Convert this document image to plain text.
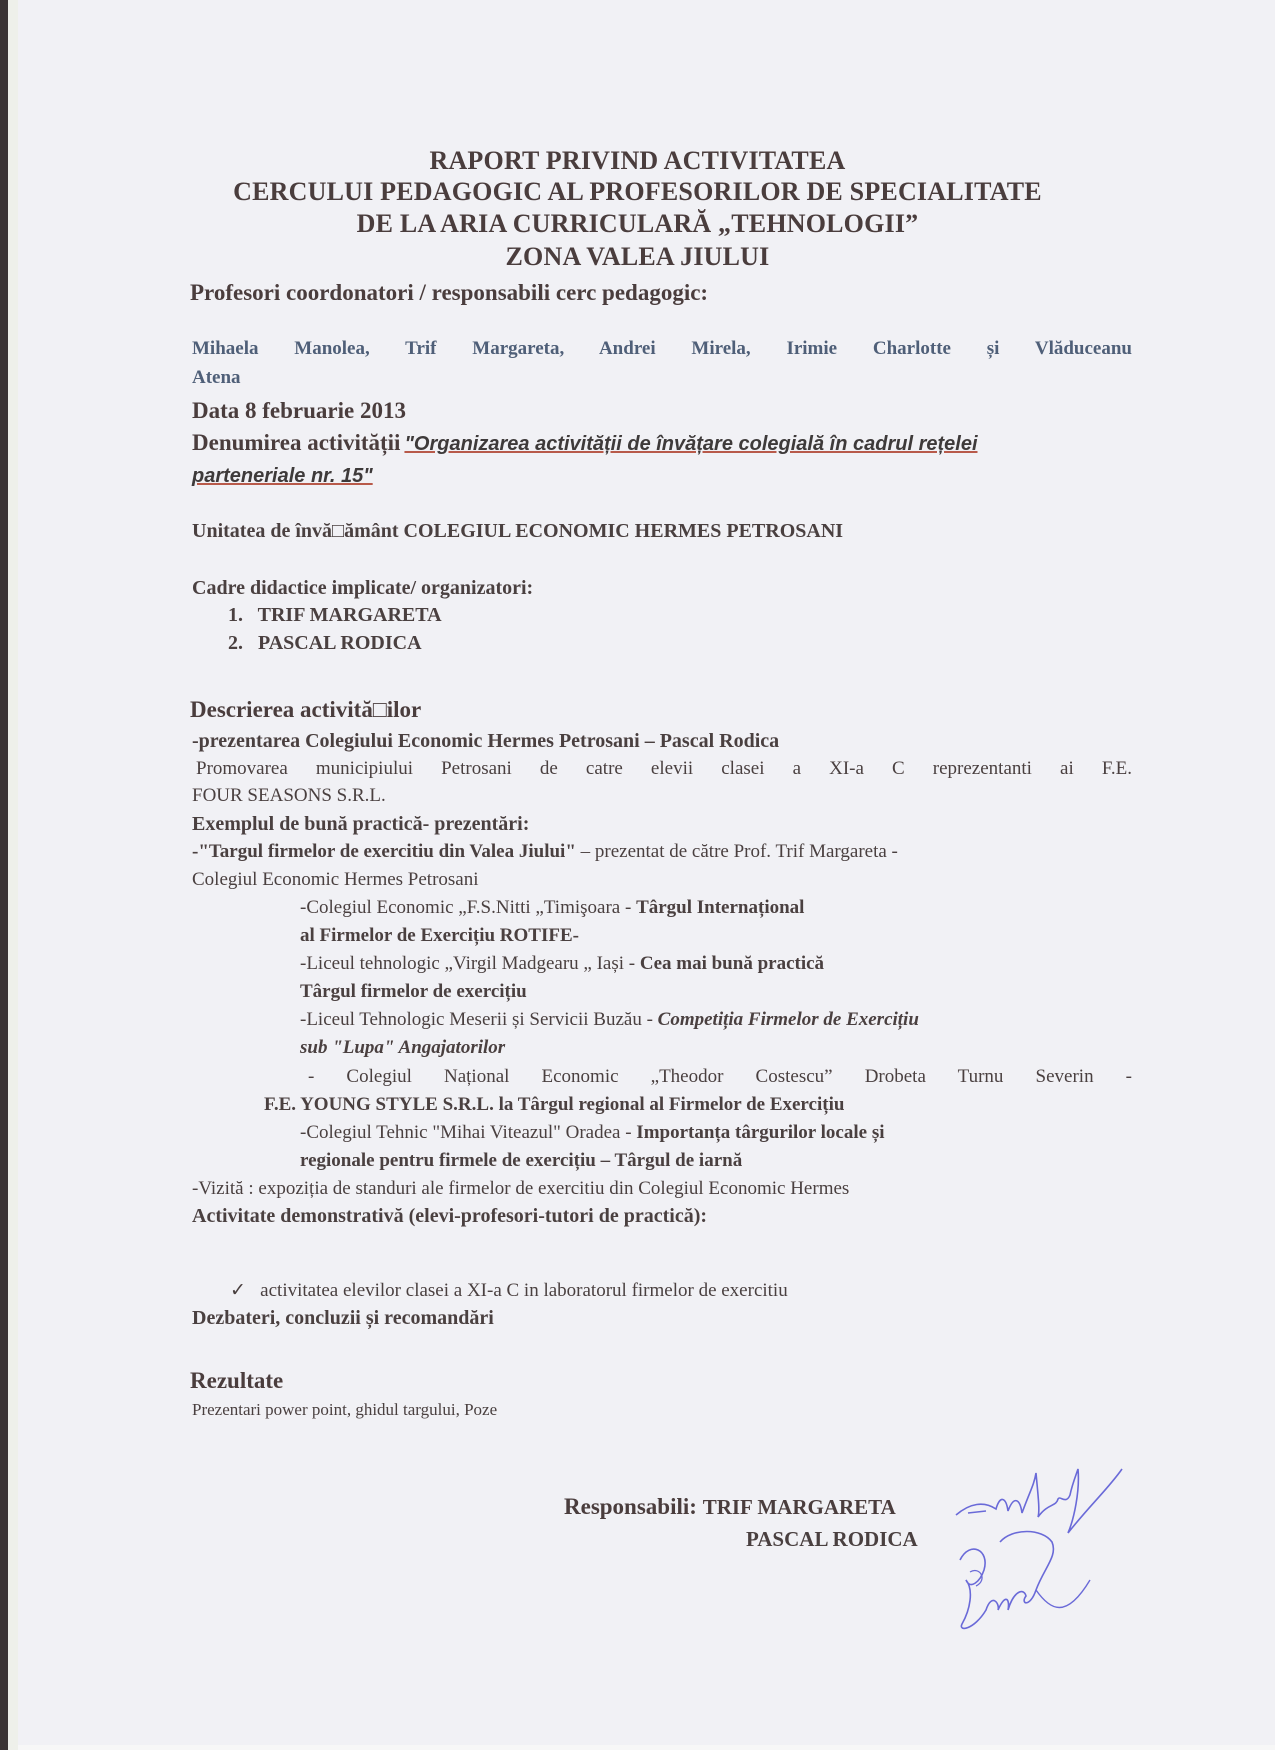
RAPORT PRIVIND ACTIVITATEA
CERCULUI PEDAGOGIC AL PROFESORILOR DE SPECIALITATE
DE LA ARIA CURRICULARĂ „TEHNOLOGII”
ZONA VALEA JIULUI
Profesori coordonatori / responsabili cerc pedagogic:
Mihaela Manolea, Trif Margareta, Andrei Mirela, Irimie Charlotte și Vlăduceanu
Atena
Data 8 februarie 2013
Denumirea activității "Organizarea activității de învățare colegială în cadrul rețelei
parteneriale nr. 15"
Unitatea de învă□ământ COLEGIUL ECONOMIC HERMES PETROSANI
Cadre didactice implicate/ organizatori:
1. TRIF MARGARETA
2. PASCAL RODICA
Descrierea activită□ilor
-prezentarea Colegiului Economic Hermes Petrosani – Pascal Rodica
Promovarea municipiului Petrosani de catre elevii clasei a XI-a C reprezentanti ai F.E.
FOUR SEASONS S.R.L.
Exemplul de bună practică- prezentări:
-"Targul firmelor de exercitiu din Valea Jiului" – prezentat de către Prof. Trif Margareta -
Colegiul Economic Hermes Petrosani
-Colegiul Economic „F.S.Nitti „Timişoara - Târgul Internațional
al Firmelor de Exercițiu ROTIFE-
-Liceul tehnologic „Virgil Madgearu „ Iași - Cea mai bună practică
Târgul firmelor de exercițiu
-Liceul Tehnologic Meserii și Servicii Buzău - Competiția Firmelor de Exercițiu
sub "Lupa" Angajatorilor
- Colegiul Național Economic „Theodor Costescu” Drobeta Turnu Severin -
F.E. YOUNG STYLE S.R.L. la Târgul regional al Firmelor de Exercițiu
-Colegiul Tehnic "Mihai Viteazul" Oradea - Importanța târgurilor locale și
regionale pentru firmele de exercițiu – Târgul de iarnă
-Vizită : expoziția de standuri ale firmelor de exercitiu din Colegiul Economic Hermes
Activitate demonstrativă (elevi-profesori-tutori de practică):
✓ activitatea elevilor clasei a XI-a C in laboratorul firmelor de exercitiu
Dezbateri, concluzii și recomandări
Rezultate
Prezentari power point, ghidul targului, Poze
Responsabili: TRIF MARGARETA
PASCAL RODICA
